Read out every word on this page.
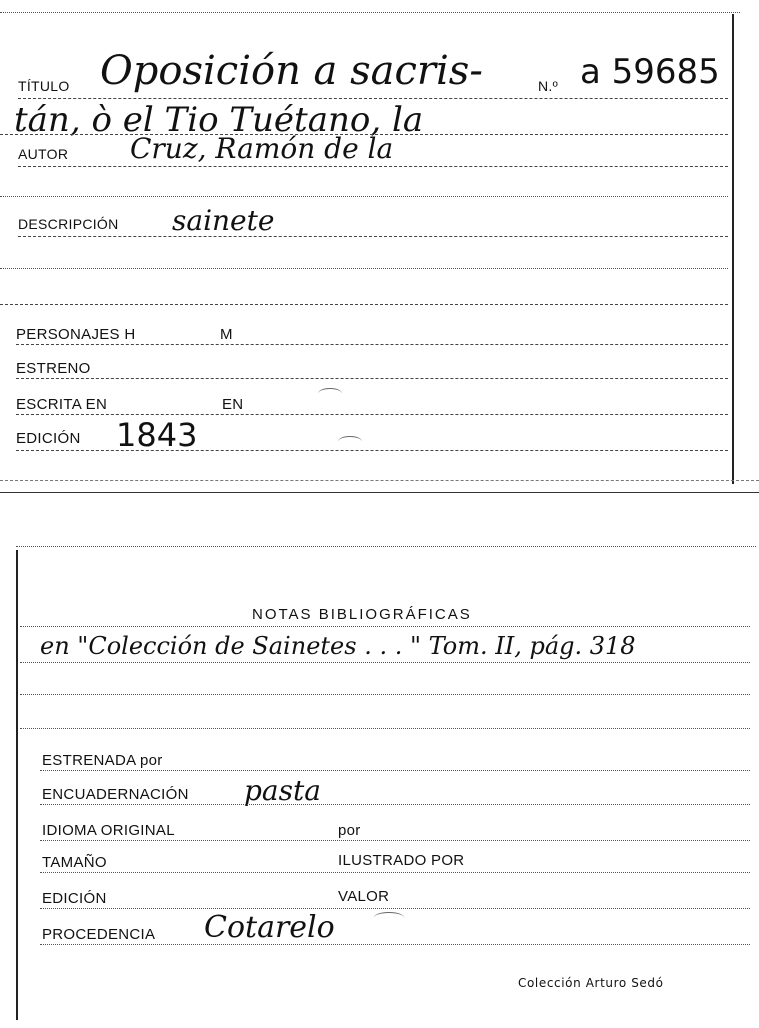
TÍTULO Oposición a sacris-	N.º a 59685
tán, ò el Tio Tuétano, la
AUTOR Cruz, Ramón de la
DESCRIPCIÓN sainete
PERSONAJES H	M
ESTRENO
ESCRITA EN	EN
EDICIÓN 1843
NOTAS BIBLIOGRÁFICAS
en "Colección de Sainetes . . . " Tom. II, pág. 318
ESTRENADA por
ENCUADERNACIÓN pasta
IDIOMA ORIGINAL	por
TAMAÑO	ILUSTRADO POR
EDICIÓN	VALOR
PROCEDENCIA Cotarelo
Colección Arturo Sedó
